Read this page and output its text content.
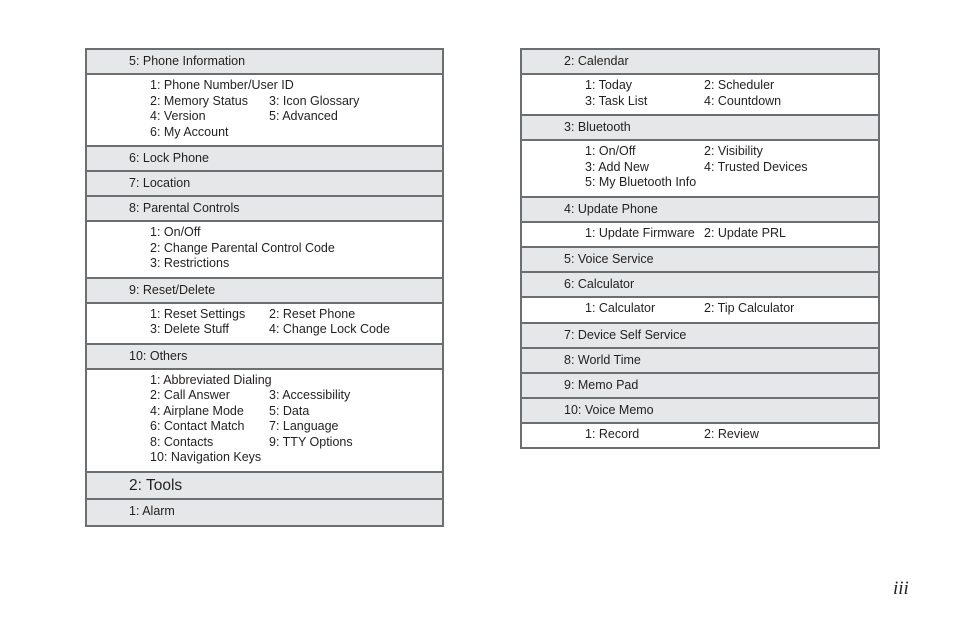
5: Phone Information
1: Phone Number/User ID
2: Memory Status	3: Icon Glossary
4: Version	5: Advanced
6: My Account
6: Lock Phone
7: Location
8: Parental Controls
1: On/Off
2: Change Parental Control Code
3: Restrictions
9: Reset/Delete
1: Reset Settings	2: Reset Phone
3: Delete Stuff	4: Change Lock Code
10: Others
1: Abbreviated Dialing
2: Call Answer	3: Accessibility
4: Airplane Mode	5: Data
6: Contact Match	7: Language
8: Contacts	9: TTY Options
10: Navigation Keys
2: Tools
1: Alarm
2: Calendar
1: Today	2: Scheduler
3: Task List	4: Countdown
3: Bluetooth
1: On/Off	2: Visibility
3: Add New	4: Trusted Devices
5: My Bluetooth Info
4: Update Phone
1: Update Firmware 2: Update PRL
5: Voice Service
6: Calculator
1: Calculator	2: Tip Calculator
7: Device Self Service
8: World Time
9: Memo Pad
10: Voice Memo
1: Record	2: Review
iii
